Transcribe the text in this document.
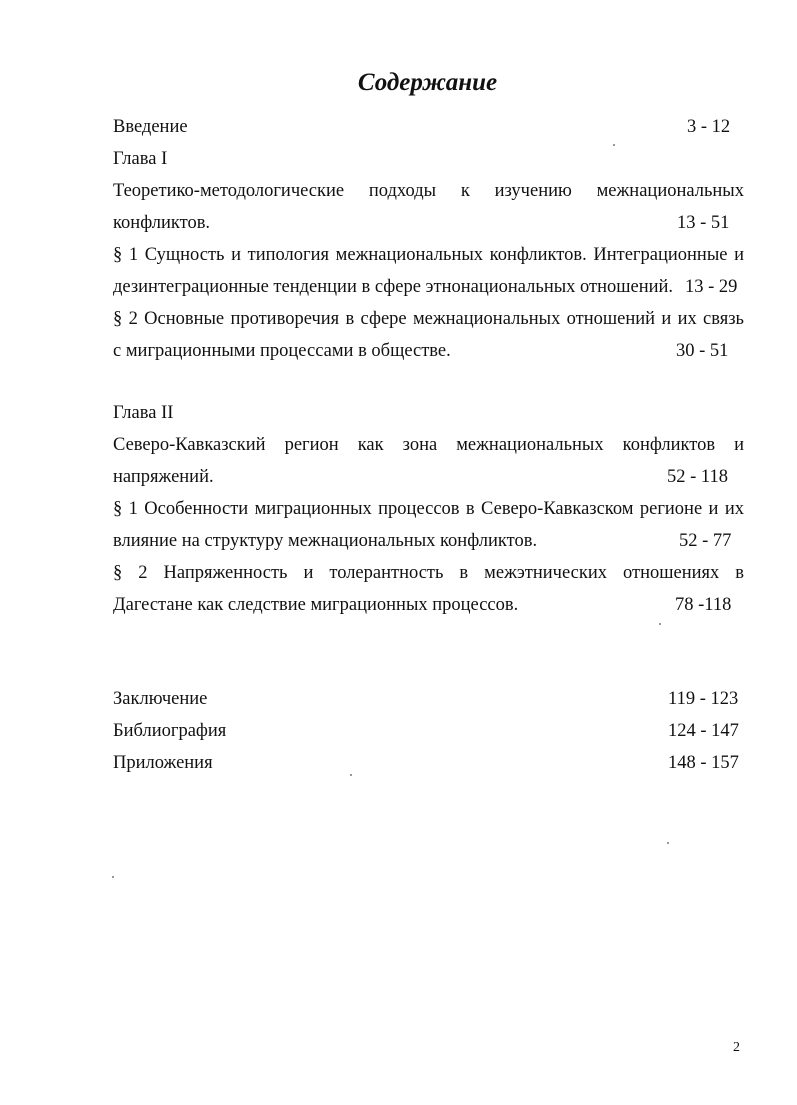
Содержание
Введение	3 - 12
Глава I
Теоретико-методологические подходы к изучению межнациональных
конфликтов.	13 - 51
§ 1 Сущность и типология межнациональных конфликтов. Интеграционные и
дезинтеграционные тенденции в сфере этнонациональных отношений. 13 - 29
§ 2 Основные противоречия в сфере межнациональных отношений и их связь
с миграционными процессами в обществе.	30 - 51
Глава II
Северо-Кавказский регион как зона межнациональных конфликтов и
напряжений.	52 - 118
§ 1 Особенности миграционных процессов в Северо-Кавказском регионе и их
влияние на структуру межнациональных конфликтов.	52 - 77
§ 2 Напряженность и толерантность в межэтнических отношениях в
Дагестане как следствие миграционных процессов.	78 -118
Заключение	119 - 123
Библиография	124 - 147
Приложения	148 - 157
2
